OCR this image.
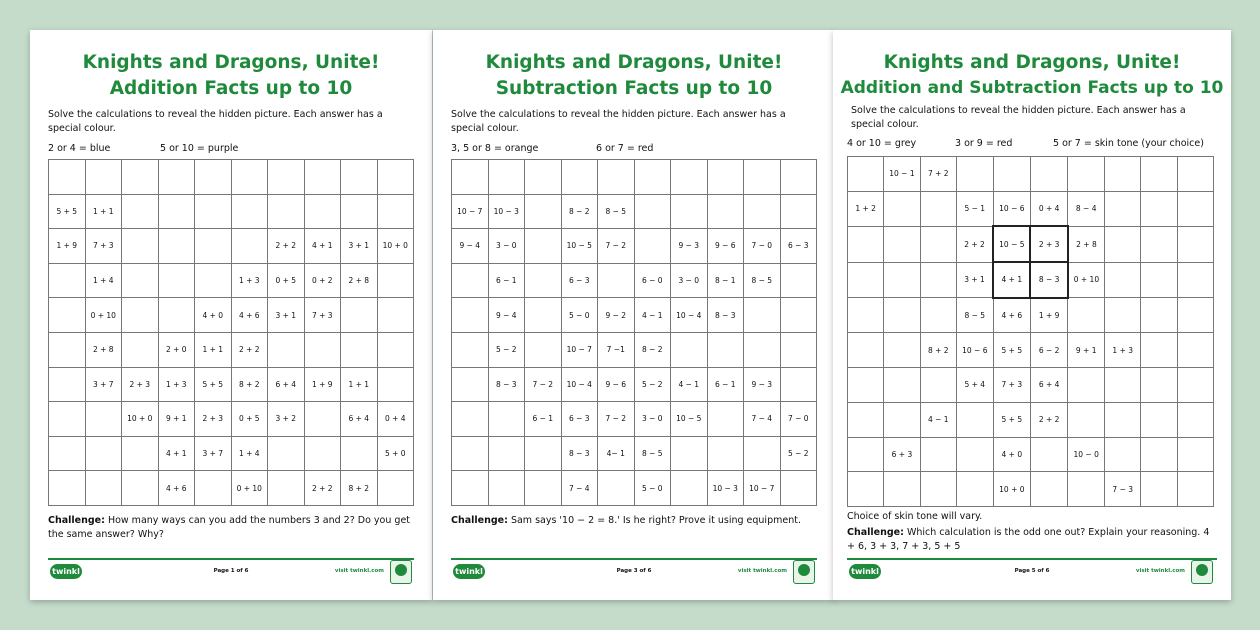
Knights and Dragons, Unite!
Addition Facts up to 10
Solve the calculations to reveal the hidden picture. Each answer has a special colour.
2 or 4 = blue	5 or 10 = purple

5 + 5	1 + 1								
1 + 9	7 + 3					2 + 2	4 + 1	3 + 1	10 + 0
	1 + 4				1 + 3	0 + 5	0 + 2	2 + 8	
	0 + 10			4 + 0	4 + 6	3 + 1	7 + 3		
	2 + 8		2 + 0	1 + 1	2 + 2				
	3 + 7	2 + 3	1 + 3	5 + 5	8 + 2	6 + 4	1 + 9	1 + 1	
		10 + 0	9 + 1	2 + 3	0 + 5	3 + 2		6 + 4	0 + 4
			4 + 1	3 + 7	1 + 4				5 + 0
			4 + 6		0 + 10		2 + 2	8 + 2	
Challenge: How many ways can you add the numbers 3 and 2? Do you get the same answer? Why?
twinkl	Page 1 of 6	visit twinkl.com
Knights and Dragons, Unite!
Subtraction Facts up to 10
Solve the calculations to reveal the hidden picture. Each answer has a special colour.
3, 5 or 8 = orange	6 or 7 = red

10 − 7	10 − 3		8 − 2	8 − 5					
9 − 4	3 − 0		10 − 5	7 − 2		9 − 3	9 − 6	7 − 0	6 − 3
	6 − 1		6 − 3		6 − 0	3 − 0	8 − 1	8 − 5	
	9 − 4		5 − 0	9 − 2	4 − 1	10 − 4	8 − 3		
	5 − 2		10 − 7	7 −1	8 − 2				
	8 − 3	7 − 2	10 − 4	9 − 6	5 − 2	4 − 1	6 − 1	9 − 3	
		6 − 1	6 − 3	7 − 2	3 − 0	10 − 5		7 − 4	7 − 0
			8 − 3	4− 1	8 − 5				5 − 2
			7 − 4		5 − 0		10 − 3	10 − 7	
Challenge: Sam says '10 − 2 = 8.' Is he right? Prove it using equipment.
twinkl	Page 3 of 6	visit twinkl.com
Knights and Dragons, Unite!
Addition and Subtraction Facts up to 10
Solve the calculations to reveal the hidden picture. Each answer has a special colour.
4 or 10 = grey	3 or 9 = red	5 or 7 = skin tone (your choice)
	10 − 1	7 + 2							
1 + 2			5 − 1	10 − 6	0 + 4	8 − 4			
			2 + 2	10 − 5	2 + 3	2 + 8			
			3 + 1	4 + 1	8 − 3	0 + 10			
			8 − 5	4 + 6	1 + 9				
		8 + 2	10 − 6	5 + 5	6 − 2	9 + 1	1 + 3		
			5 + 4	7 + 3	6 + 4				
		4 − 1		5 + 5	2 + 2				
	6 + 3			4 + 0		10 − 0			
				10 + 0			7 − 3		
Choice of skin tone will vary.
Challenge: Which calculation is the odd one out? Explain your reasoning. 4 + 6, 3 + 3, 7 + 3, 5 + 5
twinkl	Page 5 of 6	visit twinkl.com
